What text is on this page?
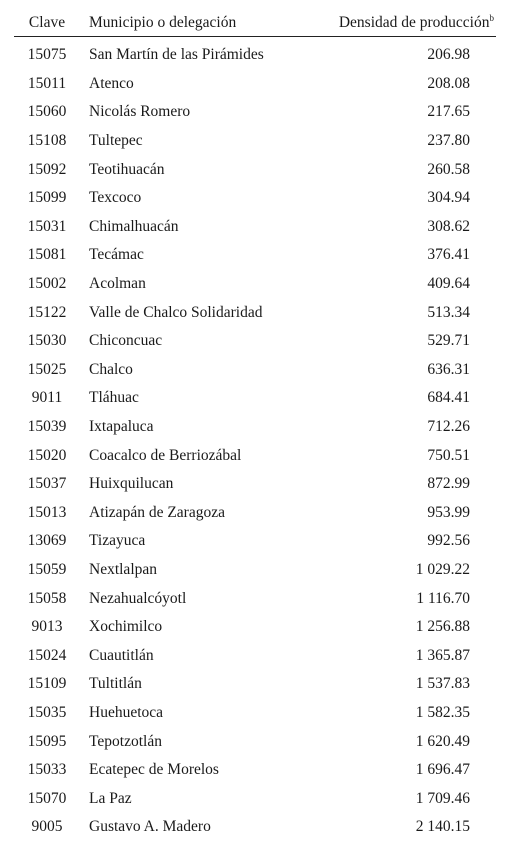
Clave	Municipio o delegación	Densidad de producción$^b$
15075	San Martín de las Pirámides	206.98
15011	Atenco	208.08
15060	Nicolás Romero	217.65
15108	Tultepec	237.80
15092	Teotihuacán	260.58
15099	Texcoco	304.94
15031	Chimalhuacán	308.62
15081	Tecámac	376.41
15002	Acolman	409.64
15122	Valle de Chalco Solidaridad	513.34
15030	Chiconcuac	529.71
15025	Chalco	636.31
9011	Tláhuac	684.41
15039	Ixtapaluca	712.26
15020	Coacalco de Berriozábal	750.51
15037	Huixquilucan	872.99
15013	Atizapán de Zaragoza	953.99
13069	Tizayuca	992.56
15059	Nextlalpan	1 029.22
15058	Nezahualcóyotl	1 116.70
9013	Xochimilco	1 256.88
15024	Cuautitlán	1 365.87
15109	Tultitlán	1 537.83
15035	Huehuetoca	1 582.35
15095	Tepotzotlán	1 620.49
15033	Ecatepec de Morelos	1 696.47
15070	La Paz	1 709.46
9005	Gustavo A. Madero	2 140.15
